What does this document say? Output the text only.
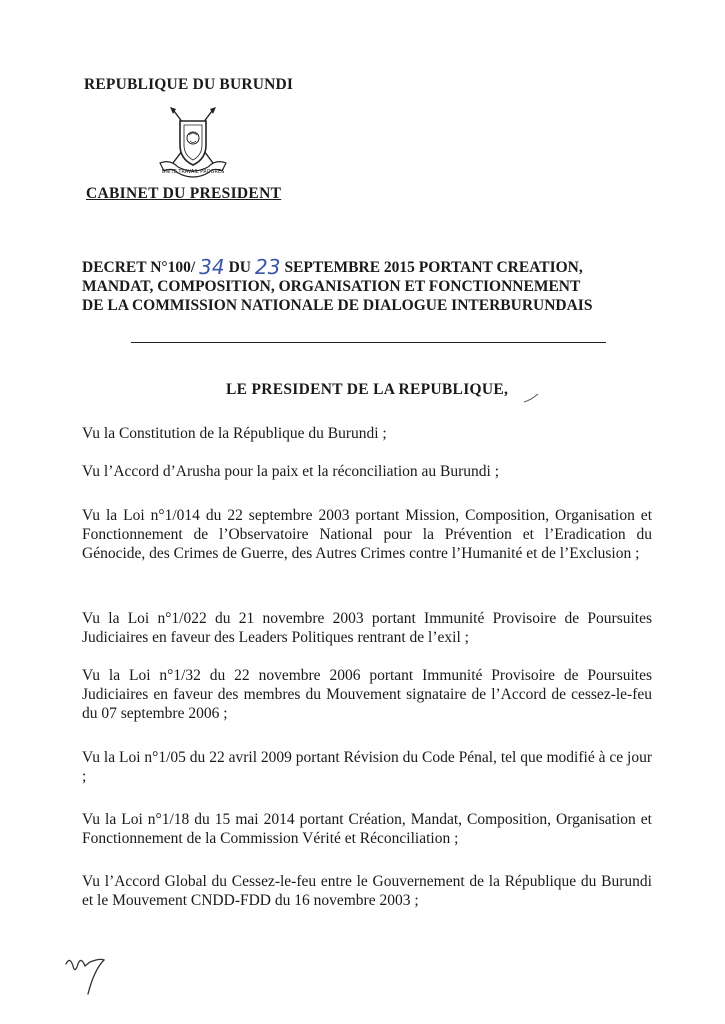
REPUBLIQUE DU BURUNDI
UNITE TRAVAIL PROGRES
CABINET DU PRESIDENT
DECRET N°100/ 34 DU 23 SEPTEMBRE 2015 PORTANT CREATION,
MANDAT, COMPOSITION, ORGANISATION ET FONCTIONNEMENT
DE LA COMMISSION NATIONALE DE DIALOGUE INTERBURUNDAIS
LE PRESIDENT DE LA REPUBLIQUE,

Vu la Constitution de la République du Burundi ;

Vu l’Accord d’Arusha pour la paix et la réconciliation au Burundi ;

Vu la Loi n°1/014 du 22 septembre 2003 portant Mission, Composition, Organisation et Fonctionnement de l’Observatoire National pour la Prévention et l’Eradication du Génocide, des Crimes de Guerre, des Autres Crimes contre l’Humanité et de l’Exclusion ;

Vu la Loi n°1/022 du 21 novembre 2003 portant Immunité Provisoire de Poursuites Judiciaires en faveur des Leaders Politiques rentrant de l’exil ;

Vu la Loi n°1/32 du 22 novembre 2006 portant Immunité Provisoire de Poursuites Judiciaires en faveur des membres du Mouvement signataire de l’Accord de cessez-le-feu du 07 septembre 2006 ;

Vu la Loi n°1/05 du 22 avril 2009 portant Révision du Code Pénal, tel que modifié à ce jour ;

Vu la Loi n°1/18 du 15 mai 2014 portant Création, Mandat, Composition, Organisation et Fonctionnement de la Commission Vérité et Réconciliation ;

Vu l’Accord Global du Cessez-le-feu entre le Gouvernement de la République du Burundi et le Mouvement CNDD-FDD du 16 novembre 2003 ;
